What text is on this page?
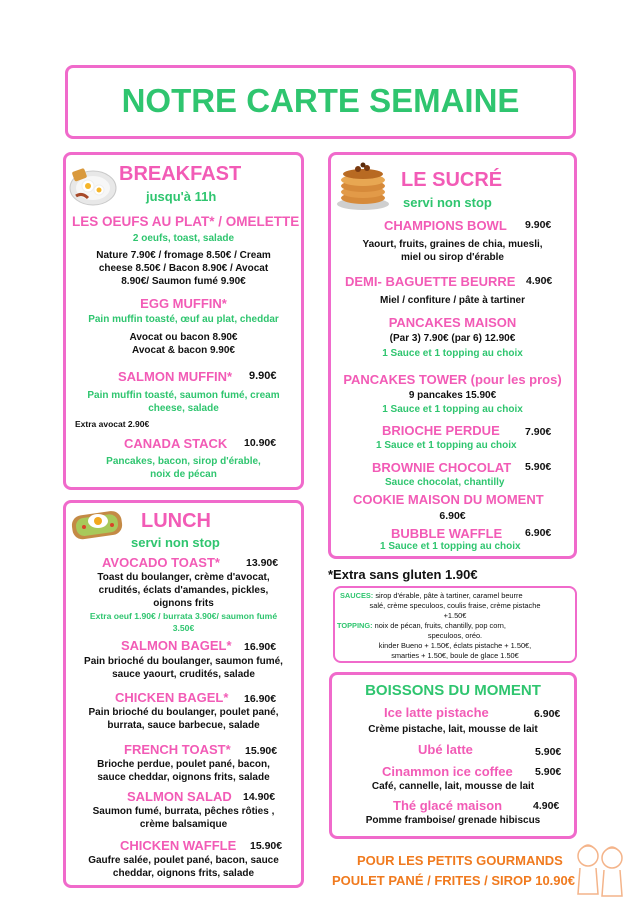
NOTRE CARTE SEMAINE
BREAKFAST
jusqu'à 11h
LES OEUFS AU PLAT* / OMELETTE
2 oeufs, toast, salade
Nature 7.90€ / fromage 8.50€ / Cream
cheese 8.50€ / Bacon 8.90€ / Avocat
8.90€/ Saumon fumé 9.90€
EGG MUFFIN*
Pain muffin toasté, œuf au plat, cheddar
Avocat ou bacon 8.90€
Avocat & bacon 9.90€
SALMON MUFFIN* 9.90€
Pain muffin toasté, saumon fumé, cream
cheese, salade
Extra avocat 2.90€
CANADA STACK 10.90€
Pancakes, bacon, sirop d'érable,
noix de pécan
LE SUCRÉ
servi non stop
CHAMPIONS BOWL 9.90€
Yaourt, fruits, graines de chia, muesli,
miel ou sirop d'érable
DEMI- BAGUETTE BEURRE 4.90€
Miel / confiture / pâte à tartiner
PANCAKES MAISON
(Par 3) 7.90€ (par 6) 12.90€
1 Sauce et 1 topping au choix
PANCAKES TOWER (pour les pros)
9 pancakes 15.90€
1 Sauce et 1 topping au choix
BRIOCHE PERDUE 7.90€
1 Sauce et 1 topping au choix
BROWNIE CHOCOLAT 5.90€
Sauce chocolat, chantilly
COOKIE MAISON DU MOMENT
6.90€
BUBBLE WAFFLE 6.90€
1 Sauce et 1 topping au choix
*Extra sans gluten 1.90€
SAUCES: sirop d'érable, pâte à tartiner, caramel beurre
salé, crème speculoos, coulis fraise, crème pistache
+1.50€
TOPPING: noix de pécan, fruits, chantilly, pop corn,
speculoos, oréo.
kinder Bueno + 1.50€, éclats pistache + 1.50€,
smarties + 1.50€, boule de glace 1.50€
LUNCH
servi non stop
AVOCADO TOAST* 13.90€
Toast du boulanger, crème d'avocat,
crudités, éclats d'amandes, pickles,
oignons frits
Extra oeuf 1.90€ / burrata 3.90€/ saumon fumé
3.50€
SALMON BAGEL* 16.90€
Pain brioché du boulanger, saumon fumé,
sauce yaourt, crudités, salade
CHICKEN BAGEL* 16.90€
Pain brioché du boulanger, poulet pané,
burrata, sauce barbecue, salade
FRENCH TOAST* 15.90€
Brioche perdue, poulet pané, bacon,
sauce cheddar, oignons frits, salade
SALMON SALAD 14.90€
Saumon fumé, burrata, pêches rôties ,
crème balsamique
CHICKEN WAFFLE 15.90€
Gaufre salée, poulet pané, bacon, sauce
cheddar, oignons frits, salade
BOISSONS DU MOMENT
Ice latte pistache	6.90€
Crème pistache, lait, mousse de lait
Ubé latte	5.90€
Cinammon ice coffee 5.90€
Café, cannelle, lait, mousse de lait
Thé glacé maison	4.90€
Pomme framboise/ grenade hibiscus
POUR LES PETITS GOURMANDS
POULET PANÉ / FRITES / SIROP 10.90€
